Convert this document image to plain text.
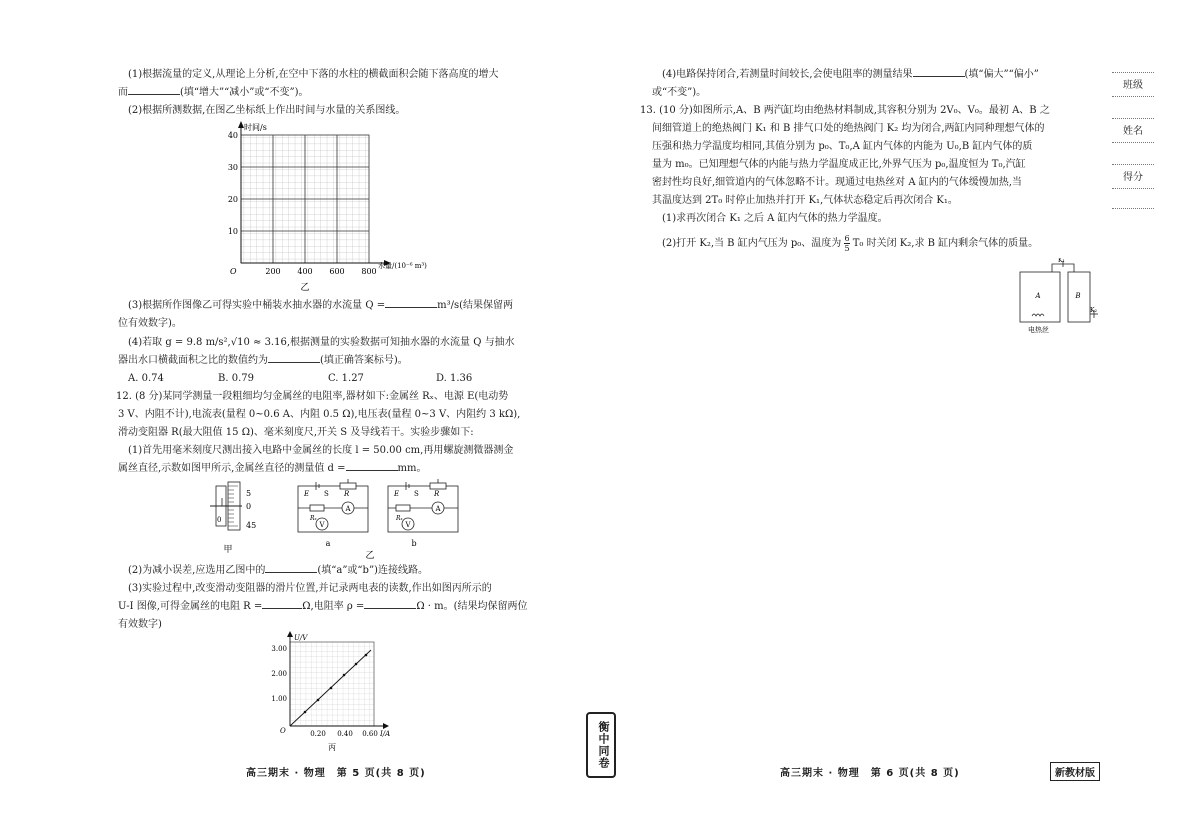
(1)根据流量的定义,从理论上分析,在空中下落的水柱的横截面积会随下落高度的增大

而	(填“增大”“减小”或“不变”)。

(2)根据所测数据,在图乙坐标纸上作出时间与水量的关系图线。

时间/s
40
30
20
10
O	200 400 600 800
水量/(10⁻⁶ m³)
乙

(3)根据所作图像乙可得实验中桶装水抽水器的水流量 Q =	m³/s(结果保留两

位有效数字)。

(4)若取 g = 9.8 m/s²,√10 ≈ 3.16,根据测量的实验数据可知抽水器的水流量 Q 与抽水

器出水口横截面积之比的数值约为	(填正确答案标号)。

A. 0.74	B. 0.79	C. 1.27	D. 1.36

12. (8 分)某同学测量一段粗细均匀金属丝的电阻率,器材如下:金属丝 Rₓ、电源 E(电动势

3 V、内阻不计),电流表(量程 0~0.6 A、内阻 0.5 Ω),电压表(量程 0~3 V、内阻约 3 kΩ),

滑动变阻器 R(最大阻值 15 Ω)、毫米刻度尺,开关 S 及导线若干。实验步骤如下:

(1)首先用毫米刻度尺测出接入电路中金属丝的长度 l = 50.00 cm,再用螺旋测微器测金

属丝直径,示数如图甲所示,金属丝直径的测量值 d =	mm。

5
0
45
0
甲
E S R
Rₓ
A
V
a
E S R
Rₓ
A
V
b
乙

(2)为减小误差,应选用乙图中的	(填“a”或“b”)连接线路。

(3)实验过程中,改变滑动变阻器的滑片位置,并记录两电表的读数,作出如图丙所示的

U-I 图像,可得金属丝的电阻 R =	Ω,电阻率 ρ =	Ω · m。(结果均保留两位

有效数字)

U/V
3.00
2.00
1.00
O	0.20 0.40 0.60 I/A
丙
高三期末 · 物理　第 5 页(共 8 页)
衡中同卷

(4)电路保持闭合,若测量时间较长,会使电阻率的测量结果	(填“偏大”“偏小”

或“不变”)。

13. (10 分)如图所示,A、B 两汽缸均由绝热材料制成,其容积分别为 2V₀、V₀。最初 A、B 之

间细管道上的绝热阀门 K₁ 和 B 排气口处的绝热阀门 K₂ 均为闭合,两缸内同种理想气体的

压强和热力学温度均相同,其值分别为 p₀、T₀,A 缸内气体的内能为 U₀,B 缸内气体的质

量为 m₀。已知理想气体的内能与热力学温度成正比,外界气压为 p₀,温度恒为 T₀,汽缸

密封性均良好,细管道内的气体忽略不计。现通过电热丝对 A 缸内的气体缓慢加热,当

其温度达到 2T₀ 时停止加热并打开 K₁,气体状态稳定后再次闭合 K₁。

(1)求再次闭合 K₁ 之后 A 缸内气体的热力学温度。

(2)打开 K₂,当 B 缸内气压为 p₀、温度为 $\frac{6}{5} T_0$ 时关闭 K₂,求 B 缸内剩余气体的质量。

A	B
K₁
K₂
电热丝
高三期末 · 物理　第 6 页(共 8 页)	新教材版
班级
姓名
得分
